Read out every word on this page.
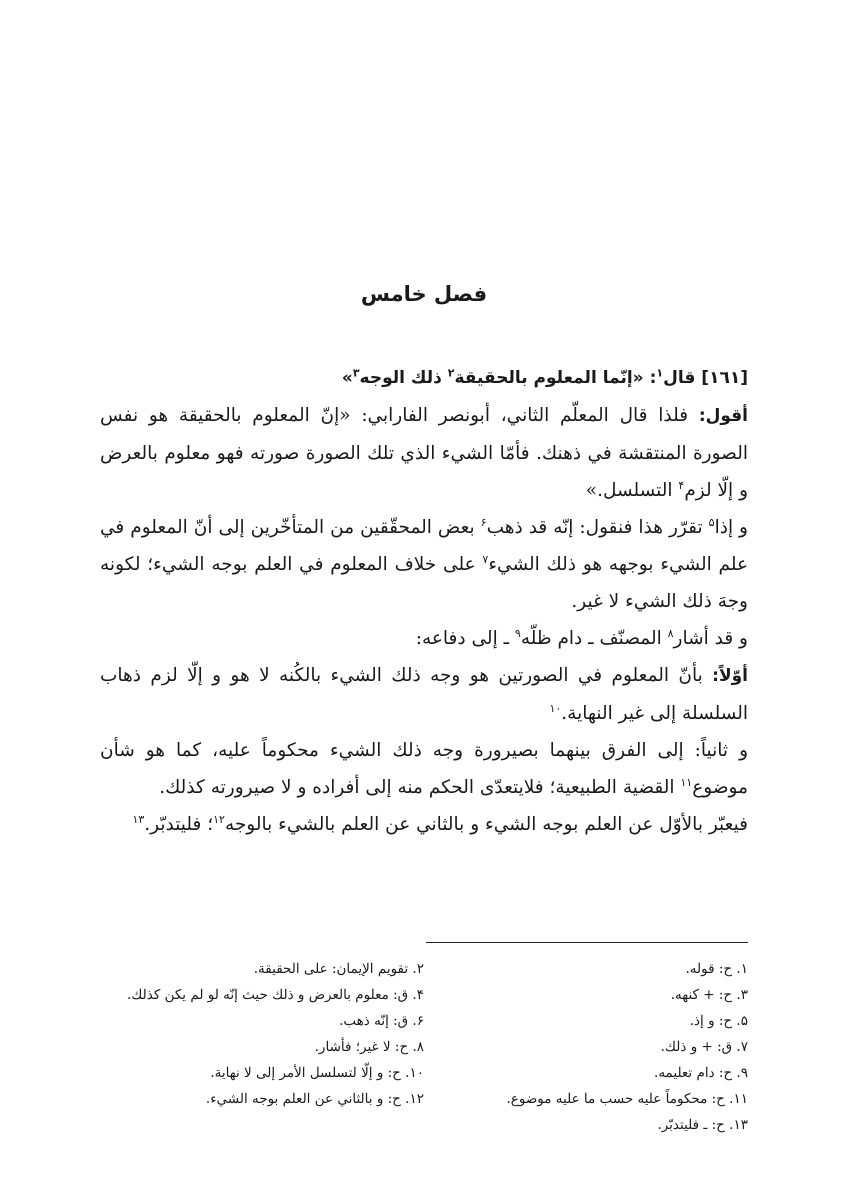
فصل خامس

[۱٦۱] قال$^۱$: «إنّما المعلوم بالحقيقة$^۲$ ذلك الوجه$^۳$»

أقول: فلذا قال المعلّم الثاني، أبونصر الفارابي: «إنّ المعلوم بالحقيقة هو نفس الصورة المنتقشة في ذهنك. فأمّا الشيء الذي تلك الصورة صورته فهو معلوم بالعرض و إلّا لزم$^۴$ التسلسل.»

و إذا$^۵$ تقرّر هذا فنقول: إنّه قد ذهب$^۶$ بعض المحقّقين من المتأخّرين إلى أنّ المعلوم في علم الشيء بوجهه هو ذلك الشيء$^۷$ على خلاف المعلوم في العلم بوجه الشيء؛ لكونه وجهَ ذلك الشيء لا غير.

و قد أشار$^۸$ المصنّف ـ دام ظلّه$^۹$ ـ إلى دفاعه:

أوّلاً: بأنّ المعلوم في الصورتين هو وجه ذلك الشيء بالكُنه لا هو و إلّا لزم ذهاب السلسلة إلى غير النهاية.$^{۱۰}$

و ثانياً: إلى الفرق بينهما بصيرورة وجه ذلك الشيء محكوماً عليه، كما هو شأن موضوع$^{۱۱}$ القضية الطبيعية؛ فلايتعدّى الحكم منه إلى أفراده و لا صيرورته كذلك.

فيعبّر بالأوّل عن العلم بوجه الشيء و بالثاني عن العلم بالشيء بالوجه$^{۱۲}$؛ فليتدبّر.$^{۱۳}$

۱. ح: قوله.
۲. تقويم الإيمان: على الحقيقة.
۳. ح: + كنهه.
۴. ق: معلوم بالعرض و ذلك حيث إنّه لو لم يكن كذلك.
۵. ح: و إذ.
۶. ق: إنّه ذهب.
۷. ق: + و ذلك.
۸. ح: لا غير؛ فأشار.
۹. ح: دام تعليمه.
۱۰. ح: و إلّا لتسلسل الأمر إلى لا نهاية.
۱۱. ح: محكوماً عليه حسب ما عليه موضوع.
۱۲. ح: و بالثاني عن العلم بوجه الشيء.
۱۳. ح: ـ فليتدبّر.
